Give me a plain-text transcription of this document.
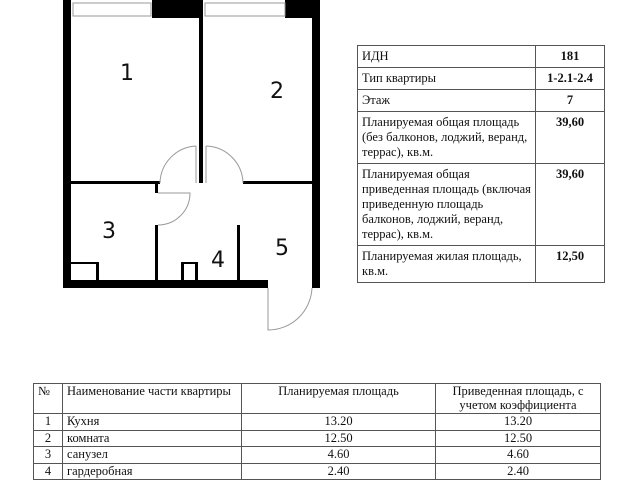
1
2
3
4 5
ИДН	181
Тип квартиры	1-2.1-2.4
Этаж	7
Планируемая общая площадь (без балконов, лоджий, веранд, террас), кв.м.	39,60
Планируемая общая приведенная площадь (включая приведенную площадь балконов, лоджий, веранд, террас), кв.м.	39,60
Планируемая жилая площадь, кв.м.	12,50
№	Наименование части квартиры	Планируемая площадь	Приведенная площадь, с учетом коэффициента
1	Кухня	13.20	13.20
2	комната	12.50	12.50
3	санузел	4.60	4.60
4	гардеробная	2.40	2.40
